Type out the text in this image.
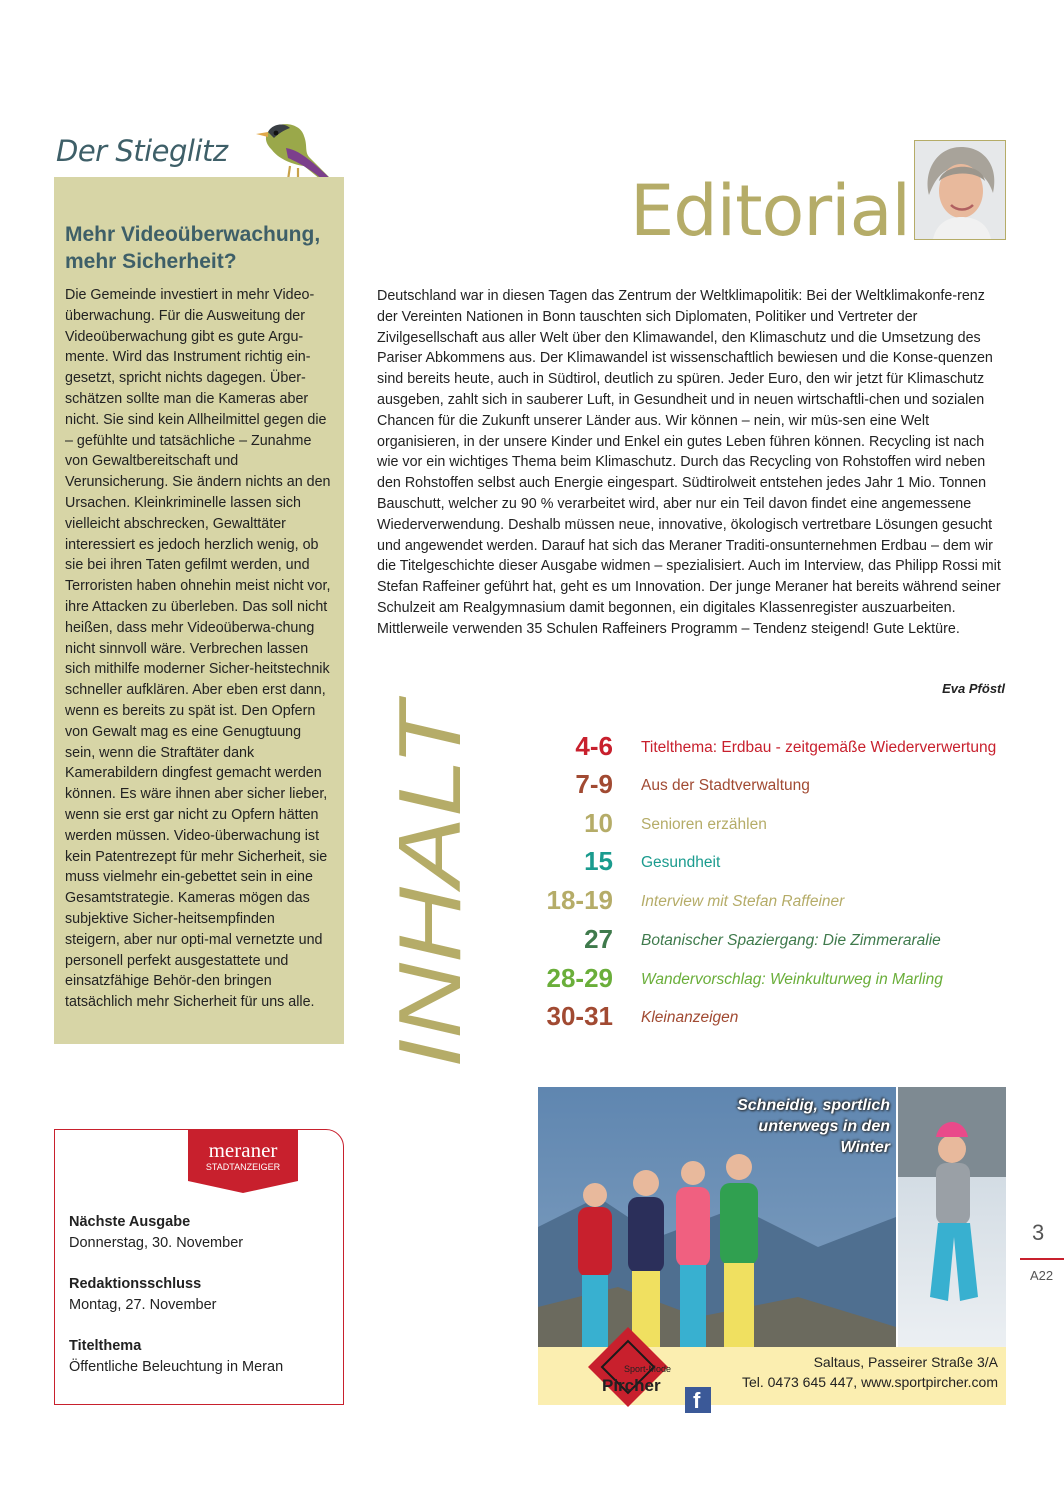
Der Stieglitz
Mehr Videoüberwachung, mehr Sicherheit?

Die Gemeinde investiert in mehr Video-überwachung. Für die Ausweitung der Videoüberwachung gibt es gute Argu-mente. Wird das Instrument richtig ein-gesetzt, spricht nichts dagegen. Über-schätzen sollte man die Kameras aber nicht. Sie sind kein Allheilmittel gegen die – gefühlte und tatsächliche – Zunahme von Gewaltbereitschaft und Verunsicherung. Sie ändern nichts an den Ursachen. Kleinkriminelle lassen sich vielleicht abschrecken, Gewalttäter interessiert es jedoch herzlich wenig, ob sie bei ihren Taten gefilmt werden, und Terroristen haben ohnehin meist nicht vor, ihre Attacken zu überleben. Das soll nicht heißen, dass mehr Videoüberwa-chung nicht sinnvoll wäre. Verbrechen lassen sich mithilfe moderner Sicher-heitstechnik schneller aufklären. Aber eben erst dann, wenn es bereits zu spät ist. Den Opfern von Gewalt mag es eine Genugtuung sein, wenn die Straftäter dank Kamerabildern dingfest gemacht werden können. Es wäre ihnen aber sicher lieber, wenn sie erst gar nicht zu Opfern hätten werden müssen. Video-überwachung ist kein Patentrezept für mehr Sicherheit, sie muss vielmehr ein-gebettet sein in eine Gesamtstrategie. Kameras mögen das subjektive Sicher-heitsempfinden steigern, aber nur opti-mal vernetzte und personell perfekt ausgestattete und einsatzfähige Behör-den bringen tatsächlich mehr Sicherheit für uns alle.

Editorial

Deutschland war in diesen Tagen das Zentrum der Weltklimapolitik: Bei der Weltklimakonfe-renz der Vereinten Nationen in Bonn tauschten sich Diplomaten, Politiker und Vertreter der Zivilgesellschaft aus aller Welt über den Klimawandel, den Klimaschutz und die Umsetzung des Pariser Abkommens aus. Der Klimawandel ist wissenschaftlich bewiesen und die Konse-quenzen sind bereits heute, auch in Südtirol, deutlich zu spüren. Jeder Euro, den wir jetzt für Klimaschutz ausgeben, zahlt sich in sauberer Luft, in Gesundheit und in neuen wirtschaftli-chen und sozialen Chancen für die Zukunft unserer Länder aus. Wir können – nein, wir müs-sen eine Welt organisieren, in der unsere Kinder und Enkel ein gutes Leben führen können. Recycling ist nach wie vor ein wichtiges Thema beim Klimaschutz. Durch das Recycling von Rohstoffen wird neben den Rohstoffen selbst auch Energie eingespart. Südtirolweit entstehen jedes Jahr 1 Mio. Tonnen Bauschutt, welcher zu 90 % verarbeitet wird, aber nur ein Teil davon findet eine angemessene Wiederverwendung. Deshalb müssen neue, innovative, ökologisch vertretbare Lösungen gesucht und angewendet werden. Darauf hat sich das Meraner Traditi-onsunternehmen Erdbau – dem wir die Titelgeschichte dieser Ausgabe widmen – spezialisiert. Auch im Interview, das Philipp Rossi mit Stefan Raffeiner geführt hat, geht es um Innovation. Der junge Meraner hat bereits während seiner Schulzeit am Realgymnasium damit begonnen, ein digitales Klassenregister auszuarbeiten. Mittlerweile verwenden 35 Schulen Raffeiners Programm – Tendenz steigend! Gute Lektüre.

Eva Pföstl
INHALT
4-6 Titelthema: Erdbau - zeitgemäße Wiederverwertung
7-9 Aus der Stadtverwaltung
10 Senioren erzählen
15 Gesundheit
18-19 Interview mit Stefan Raffeiner
27 Botanischer Spaziergang: Die Zimmeraralie
28-29 Wandervorschlag: Weinkulturweg in Marling
30-31 Kleinanzeigen
meraner
STADTANZEIGER
Nächste Ausgabe
Donnerstag, 30. November
Redaktionsschluss
Montag, 27. November
Titelthema
Öffentliche Beleuchtung in Meran
f
Sport-Mode
Pircher
Schneidig, sportlich
unterwegs in den
Winter
Saltaus, Passeirer Straße 3/A
Tel. 0473 645 447, www.sportpircher.com
3
A22
